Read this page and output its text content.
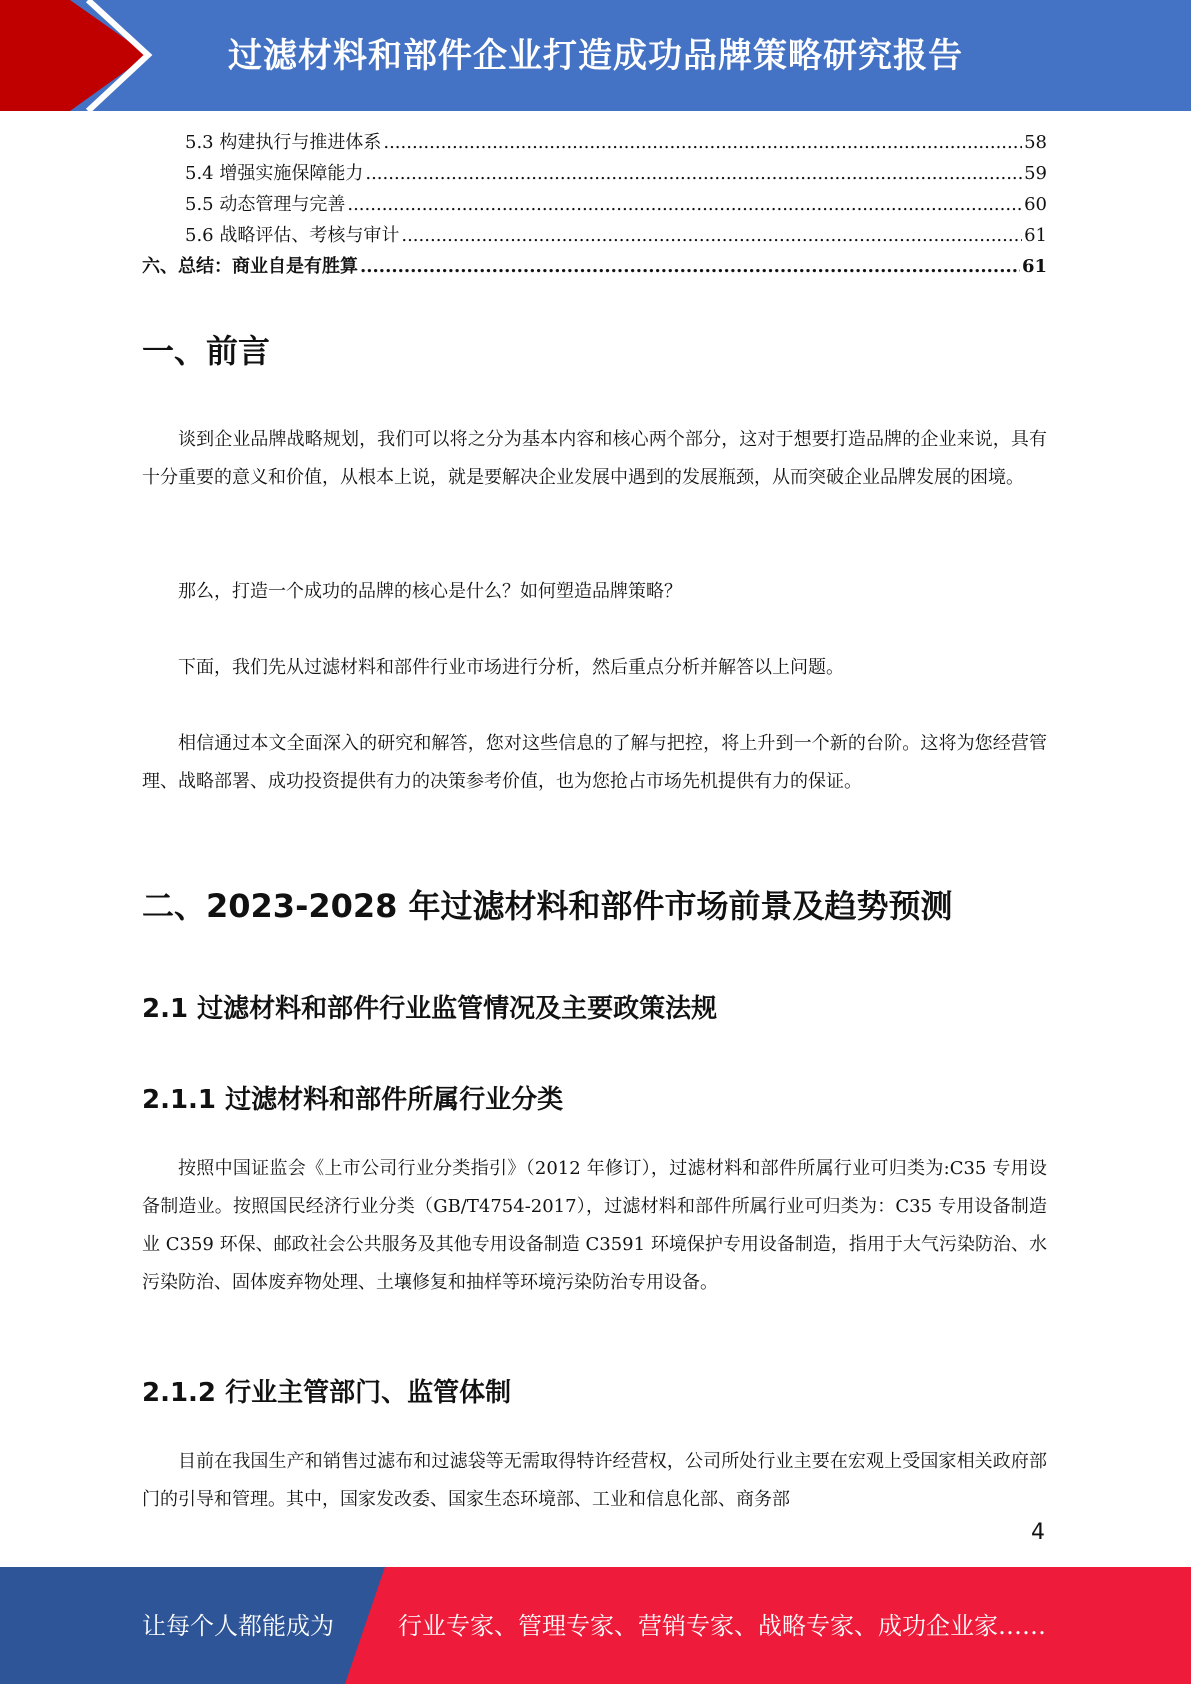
过滤材料和部件企业打造成功品牌策略研究报告
5.3 构建执行与推进体系 .....	58
5.4 增强实施保障能力 .....	59
5.5 动态管理与完善 .....	60
5.6 战略评估、考核与审计 .....	61
六、总结：商业自是有胜算 .....	61
一、前言
谈到企业品牌战略规划，我们可以将之分为基本内容和核心两个部分，这对于想要打造品牌的企业来说，具有十分重要的意义和价值，从根本上说，就是要解决企业发展中遇到的发展瓶颈，从而突破企业品牌发展的困境。
那么，打造一个成功的品牌的核心是什么？如何塑造品牌策略？
下面，我们先从过滤材料和部件行业市场进行分析，然后重点分析并解答以上问题。
相信通过本文全面深入的研究和解答，您对这些信息的了解与把控，将上升到一个新的台阶。这将为您经营管理、战略部署、成功投资提供有力的决策参考价值，也为您抢占市场先机提供有力的保证。
二、2023-2028 年过滤材料和部件市场前景及趋势预测
2.1 过滤材料和部件行业监管情况及主要政策法规
2.1.1 过滤材料和部件所属行业分类
按照中国证监会《上市公司行业分类指引》（2012 年修订），过滤材料和部件所属行业可归类为:C35 专用设备制造业。按照国民经济行业分类（GB/T4754-2017），过滤材料和部件所属行业可归类为：C35 专用设备制造业 C359 环保、邮政社会公共服务及其他专用设备制造 C3591 环境保护专用设备制造，指用于大气污染防治、水污染防治、固体废弃物处理、土壤修复和抽样等环境污染防治专用设备。
2.1.2 行业主管部门、监管体制
目前在我国生产和销售过滤布和过滤袋等无需取得特许经营权，公司所处行业主要在宏观上受国家相关政府部门的引导和管理。其中，国家发改委、国家生态环境部、工业和信息化部、商务部
4
让每个人都能成为	行业专家、管理专家、营销专家、战略专家、成功企业家……
